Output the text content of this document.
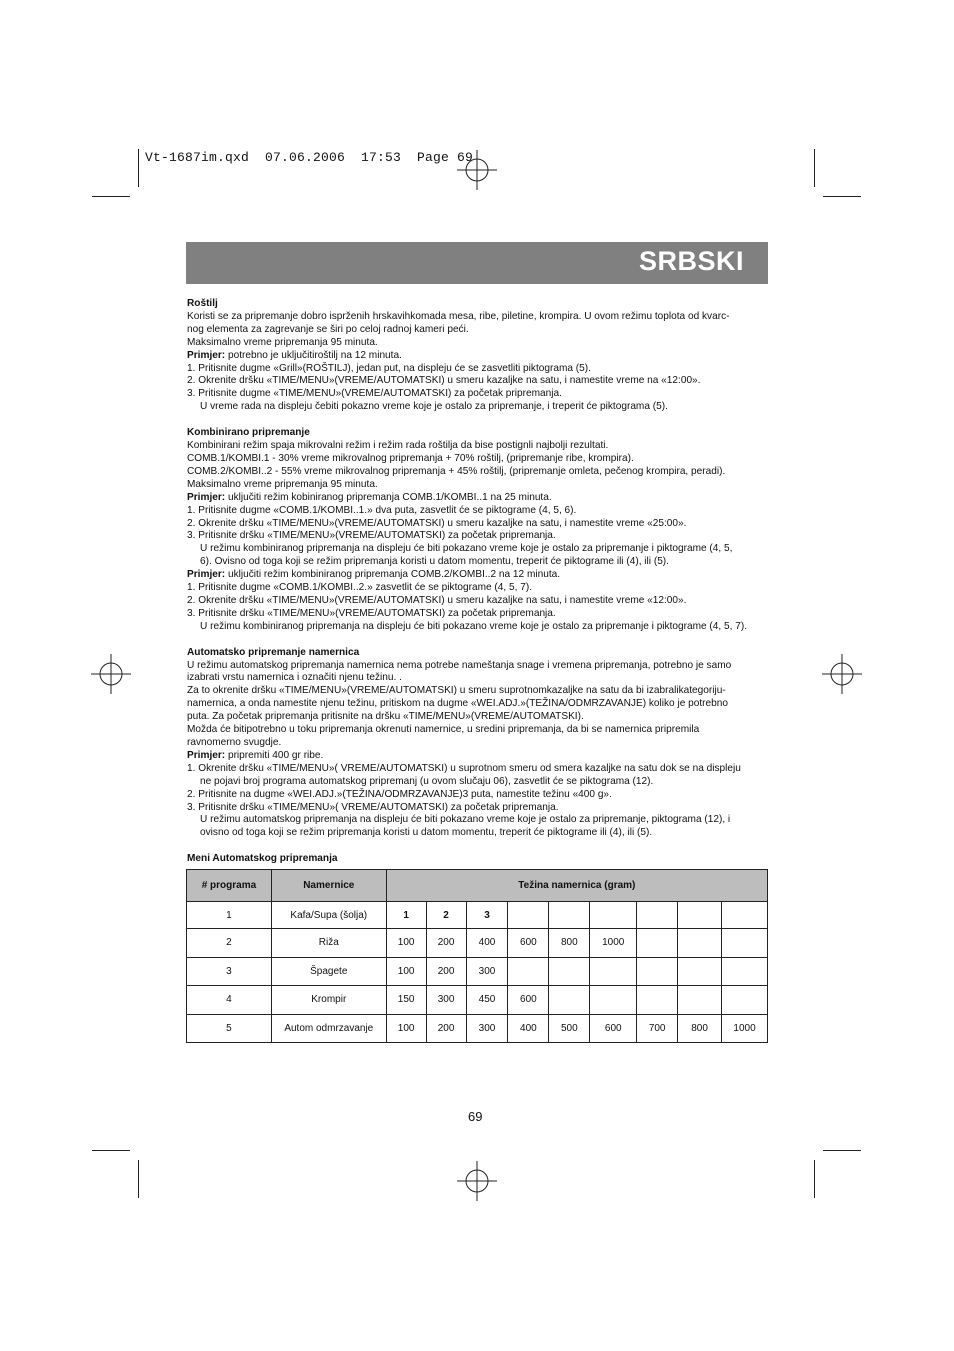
Vt-1687im.qxd  07.06.2006  17:53  Page 69
SRBSKI

Roštilj

Koristi se za pripremanje dobro isprženih hrskavihkomada mesa, ribe, piletine, krompira. U ovom režimu toplota od kvarc-

nog elementa za zagrevanje se širi po celoj radnoj kameri peći.

Maksimalno vreme pripremanja 95 minuta.

Primjer: potrebno je uključitiroštilj na 12 minuta.

1. Pritisnite dugme «Grill»(ROŠTILJ), jedan put, na displeju će se zasvetliti piktograma (5).

2. Okrenite dršku «TIME/MENU»(VREME/AUTOMATSKI) u smeru kazaljke na satu, i namestite vreme na «12:00».

3. Pritisnite dugme «TIME/MENU»(VREME/AUTOMATSKI) za početak pripremanja.

U vreme rada na displeju čebiti pokazno vreme koje je ostalo za pripremanje, i treperit će piktograma (5).

Kombinirano pripremanje

Kombinirani režim spaja mikrovalni režim i režim rada roštilja da bise postignli najbolji rezultati.

COMB.1/KOMBI.1 - 30% vreme mikrovalnog pripremanja + 70% roštilj, (pripremanje ribe, krompira).

COMB.2/KOMBI..2 - 55% vreme mikrovalnog pripremanja + 45% roštilj, (pripremanje omleta, pečenog krompira, peradi).

Maksimalno vreme pripremanja 95 minuta.

Primjer: uključiti režim kobiniranog pripremanja COMB.1/KOMBI..1 na 25 minuta.

1. Pritisnite dugme «COMB.1/KOMBI..1.» dva puta, zasvetlit će se piktograme (4, 5, 6).

2. Okrenite dršku «TIME/MENU»(VREME/AUTOMATSKI) u smeru kazaljke na satu, i namestite vreme «25:00».

3. Pritisnite dršku «TIME/MENU»(VREME/AUTOMATSKI) za početak pripremanja.

U režimu kombiniranog pripremanja na displeju će biti pokazano vreme koje je ostalo za pripremanje i piktograme (4, 5,

6). Ovisno od toga koji se režim pripremanja koristi u datom momentu, treperit će piktograme ili (4), ili (5).

Primjer: uključiti režim kombiniranog pripremanja COMB.2/KOMBI..2 na 12 minuta.

1. Pritisnite dugme «COMB.1/KOMBI..2.» zasvetlit će se piktograme (4, 5, 7).

2. Okrenite dršku «TIME/MENU»(VREME/AUTOMATSKI) u smeru kazaljke na satu, i namestite vreme «12:00».

3. Pritisnite dršku «TIME/MENU»(VREME/AUTOMATSKI) za početak pripremanja.

U režimu kombiniranog pripremanja na displeju će biti pokazano vreme koje je ostalo za pripremanje i piktograme (4, 5, 7).

Automatsko pripremanje namernica

U režimu automatskog pripremanja namernica nema potrebe nameštanja snage i vremena pripremanja, potrebno je samo

izabrati vrstu namernica i označiti njenu težinu. .

Za to okrenite dršku «TIME/MENU»(VREME/AUTOMATSKI) u smeru suprotnomkazaljke na satu da bi izabralikategoriju-

namernica, a onda namestite njenu težinu, pritiskom na dugme «WEI.ADJ.»(TEŽINA/ODMRZAVANJE) koliko je potrebno

puta. Za početak pripremanja pritisnite na dršku «TIME/MENU»(VREME/AUTOMATSKI).

Možda će bitipotrebno u toku pripremanja okrenuti namernice, u sredini pripremanja, da bi se namernica pripremila

ravnomerno svugdje.

Primjer: pripremiti 400 gr ribe.

1. Okrenite dršku «TIME/MENU»( VREME/AUTOMATSKI) u suprotnom smeru od smera kazaljke na satu dok se na displeju

ne pojavi broj programa automatskog pripremanj (u ovom slučaju 06), zasvetlit će se piktograma (12).

2. Pritisnite na dugme «WEI.ADJ.»(TEŽINA/ODMRZAVANJE)3 puta, namestite težinu «400 g».

3. Pritisnite dršku «TIME/MENU»( VREME/AUTOMATSKI) za početak pripremanja.

U režimu automatskog pripremanja na displeju će biti pokazano vreme koje je ostalo za pripremanje, piktograma (12), i

ovisno od toga koji se režim pripremanja koristi u datom momentu, treperit će piktograme ili (4), ili (5).

Meni Automatskog pripremanja

# programa	Namernice	Težina namernica (gram)								
1	Kafa/Supa (šolja)	1	2	3						
2	Riža	100	200	400	600	800	1000			
3	Špagete	100	200	300						
4	Krompir	150	300	450	600					
5	Autom odmrzavanje	100	200	300	400	500	600	700	800	1000
69
